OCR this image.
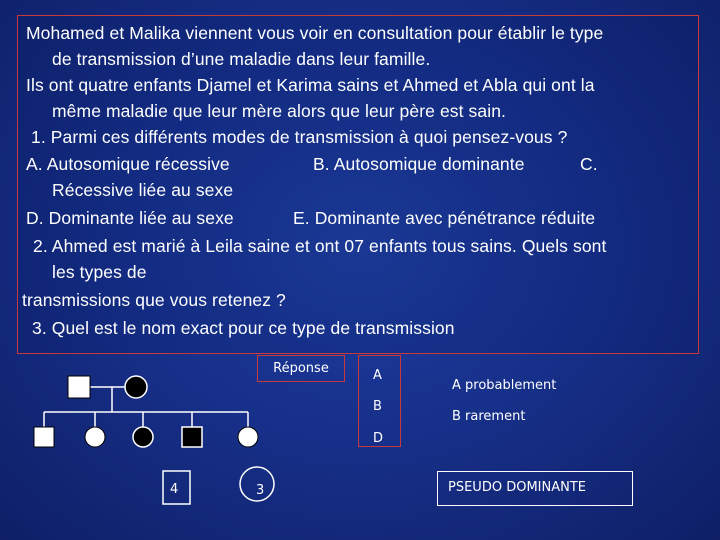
Mohamed et Malika viennent vous voir en consultation pour établir le type
de transmission d’une maladie dans leur famille.
Ils ont quatre enfants Djamel et Karima sains et Ahmed et Abla qui ont la
même maladie que leur mère alors que leur père est sain.
1. Parmi ces différents modes de transmission à quoi pensez-vous ?
A. Autosomique récessive	B. Autosomique dominante	C.
Récessive liée au sexe
D. Dominante liée au sexe	E. Dominante avec pénétrance réduite
2. Ahmed est marié à Leila saine et ont 07 enfants tous sains. Quels sont
les types de
transmissions que vous retenez ?
3. Quel est le nom exact pour ce type de transmission
Réponse	A
B
D
A probablement
B rarement
PSEUDO DOMINANTE
4	3
